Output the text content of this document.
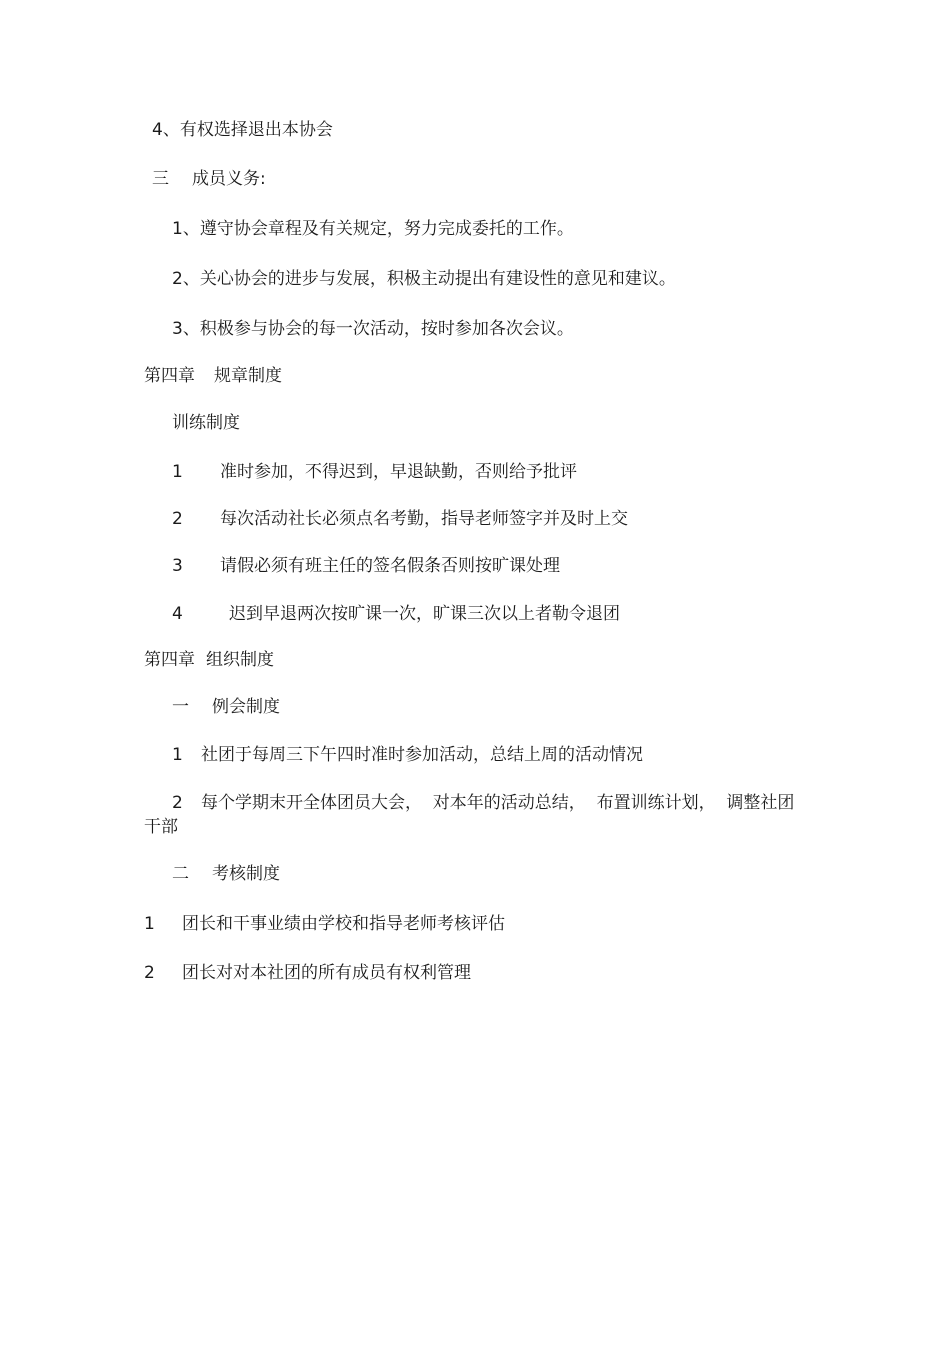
4、有权选择退出本协会
三 成员义务:
1、遵守协会章程及有关规定，努力完成委托的工作。
2、关心协会的进步与发展，积极主动提出有建设性的意见和建议。
3、积极参与协会的每一次活动，按时参加各次会议。
第四章 规章制度
训练制度
1 准时参加，不得迟到，早退缺勤，否则给予批评
2 每次活动社长必须点名考勤，指导老师签字并及时上交
3 请假必须有班主任的签名假条否则按旷课处理
4	迟到早退两次按旷课一次，旷课三次以上者勒令退团
第四章 组织制度
一 例会制度
1 社团于每周三下午四时准时参加活动，总结上周的活动情况
2 每个学期末开全体团员大会，  对本年的活动总结，  布置训练计划，  调整社团干部
二 考核制度
1 团长和干事业绩由学校和指导老师考核评估
2 团长对对本社团的所有成员有权利管理
